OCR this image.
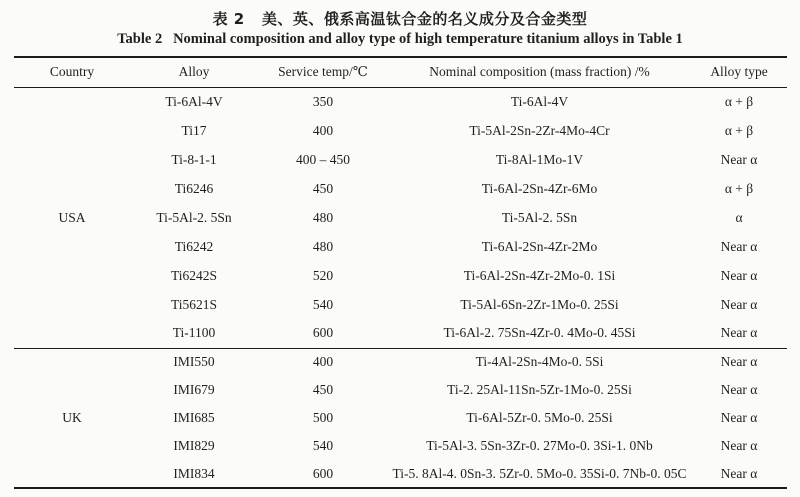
表 2   美、英、俄系高温钛合金的名义成分及合金类型
Table 2   Nominal composition and alloy type of high temperature titanium alloys in Table 1
Country	Alloy	Service temp/℃	Nominal composition (mass fraction) /%	Alloy type
USA	Ti-6Al-4V	350	Ti-6Al-4V	α + β
	Ti17	400	Ti-5Al-2Sn-2Zr-4Mo-4Cr	α + β
	Ti-8-1-1	400 – 450	Ti-8Al-1Mo-1V	Near α
	Ti6246	450	Ti-6Al-2Sn-4Zr-6Mo	α + β
	Ti-5Al-2. 5Sn	480	Ti-5Al-2. 5Sn	α
	Ti6242	480	Ti-6Al-2Sn-4Zr-2Mo	Near α
	Ti6242S	520	Ti-6Al-2Sn-4Zr-2Mo-0. 1Si	Near α
	Ti5621S	540	Ti-5Al-6Sn-2Zr-1Mo-0. 25Si	Near α
	Ti-1100	600	Ti-6Al-2. 75Sn-4Zr-0. 4Mo-0. 45Si	Near α
UK	IMI550	400	Ti-4Al-2Sn-4Mo-0. 5Si	Near α
	IMI679	450	Ti-2. 25Al-11Sn-5Zr-1Mo-0. 25Si	Near α
	IMI685	500	Ti-6Al-5Zr-0. 5Mo-0. 25Si	Near α
	IMI829	540	Ti-5Al-3. 5Sn-3Zr-0. 27Mo-0. 3Si-1. 0Nb	Near α
	IMI834	600	Ti-5. 8Al-4. 0Sn-3. 5Zr-0. 5Mo-0. 35Si-0. 7Nb-0. 05C	Near α
